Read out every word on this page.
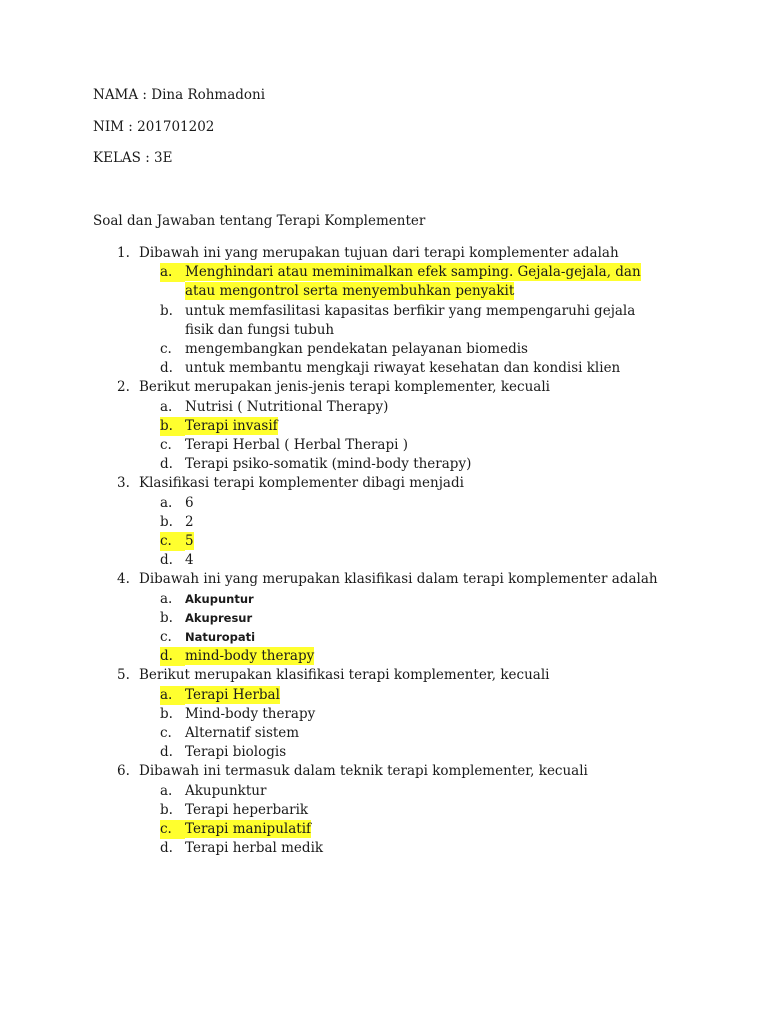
NAMA : Dina Rohmadoni
NIM : 201701202
KELAS : 3E
Soal dan Jawaban tentang Terapi Komplementer
1. Dibawah ini yang merupakan tujuan dari terapi komplementer adalah
a. Menghindari atau meminimalkan efek samping. Gejala-gejala, dan atau mengontrol serta menyembuhkan penyakit
b. untuk memfasilitasi kapasitas berfikir yang mempengaruhi gejala fisik dan fungsi tubuh
c. mengembangkan pendekatan pelayanan biomedis
d. untuk membantu mengkaji riwayat kesehatan dan kondisi klien
2. Berikut merupakan jenis-jenis terapi komplementer, kecuali
a. Nutrisi ( Nutritional Therapy)
b. Terapi invasif
c. Terapi Herbal ( Herbal Therapi )
d. Terapi psiko-somatik (mind-body therapy)
3. Klasifikasi terapi komplementer dibagi menjadi
a. 6
b. 2
c. 5
d. 4
4. Dibawah ini yang merupakan klasifikasi dalam terapi komplementer adalah
a.	Akupuntur
b.	Akupresur
c.	Naturopati
d. mind-body therapy
5. Berikut merupakan klasifikasi terapi komplementer, kecuali
a. Terapi Herbal
b. Mind-body therapy
c. Alternatif sistem
d. Terapi biologis
6. Dibawah ini termasuk dalam teknik terapi komplementer, kecuali
a. Akupunktur
b. Terapi heperbarik
c. Terapi manipulatif
d. Terapi herbal medik
